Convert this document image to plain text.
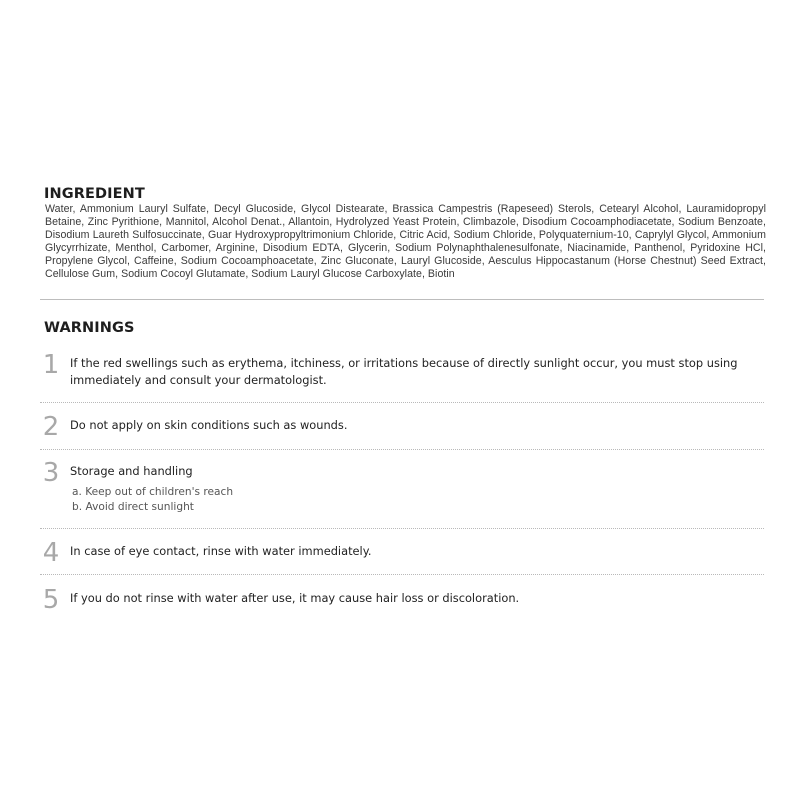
INGREDIENT

Water, Ammonium Lauryl Sulfate, Decyl Glucoside, Glycol Distearate, Brassica Campestris (Rapeseed) Sterols, Cetearyl Alcohol, Lauramidopropyl Betaine, Zinc Pyrithione, Mannitol, Alcohol Denat., Allantoin, Hydrolyzed Yeast Protein, Climbazole, Disodium Cocoamphodiacetate, Sodium Benzoate, Disodium Laureth Sulfosuccinate, Guar Hydroxypropyltrimonium Chloride, Citric Acid, Sodium Chloride, Polyquaternium-10, Caprylyl Glycol, Ammonium Glycyrrhizate, Menthol, Carbomer, Arginine, Disodium EDTA, Glycerin, Sodium Polynaphthalenesulfonate, Niacinamide, Panthenol, Pyridoxine HCl, Propylene Glycol, Caffeine, Sodium Cocoamphoacetate, Zinc Gluconate, Lauryl Glucoside, Aesculus Hippocastanum (Horse Chestnut) Seed Extract, Cellulose Gum, Sodium Cocoyl Glutamate, Sodium Lauryl Glucose Carboxylate, Biotin

WARNINGS
1 If the red swellings such as erythema, itchiness, or irritations because of directly sunlight occur, you must stop using immediately and consult your dermatologist.
2 Do not apply on skin conditions such as wounds.
3 Storage and handling
a. Keep out of children's reach
b. Avoid direct sunlight
4 In case of eye contact, rinse with water immediately.
5 If you do not rinse with water after use, it may cause hair loss or discoloration.
